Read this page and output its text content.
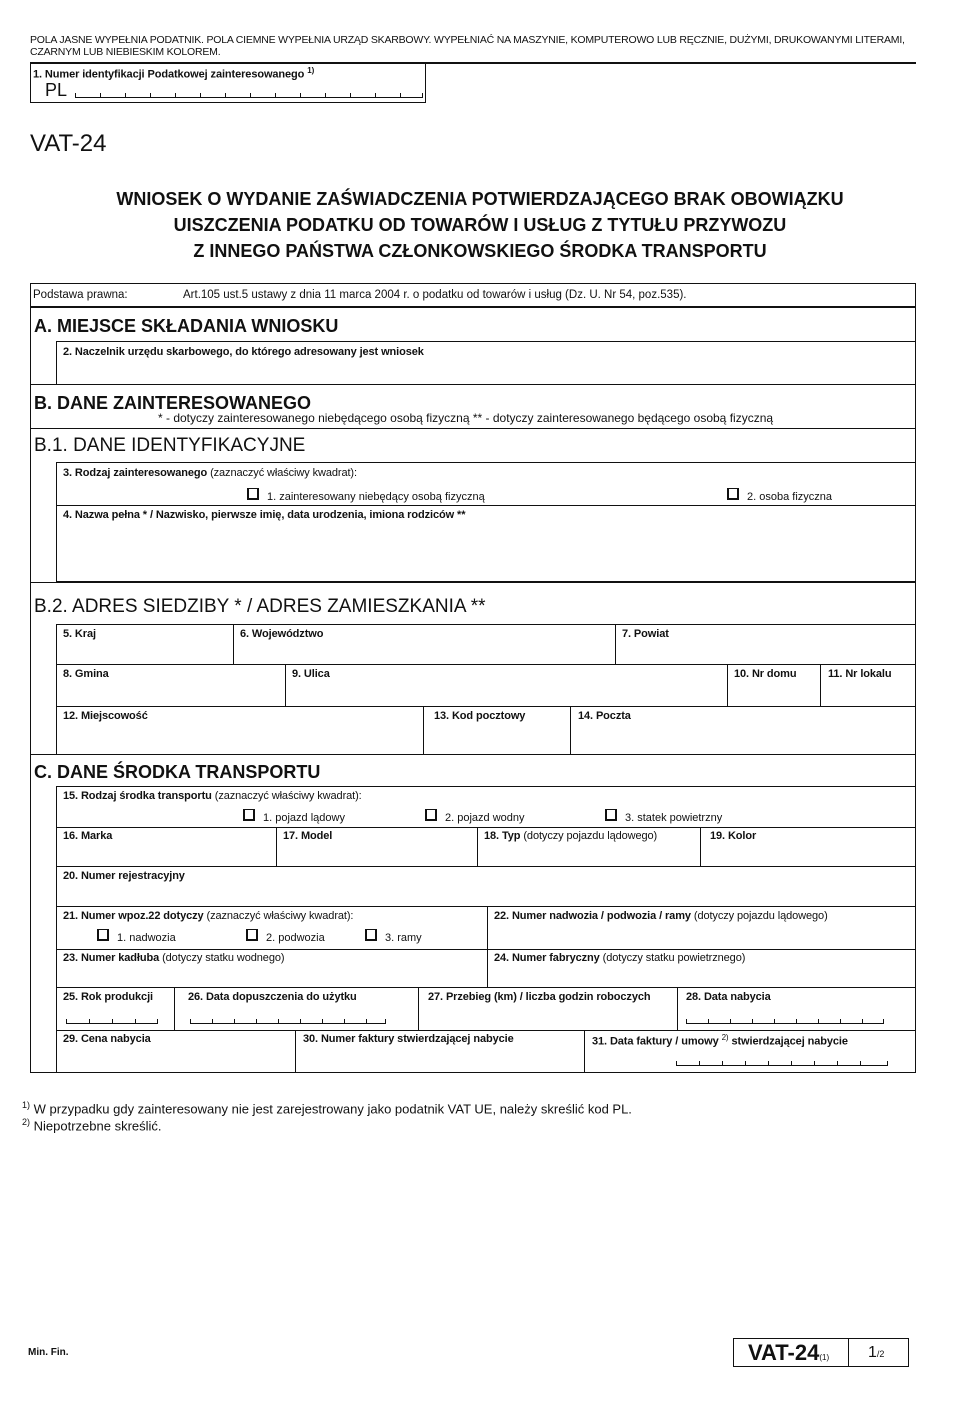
POLA JASNE WYPEŁNIA PODATNIK. POLA CIEMNE WYPEŁNIA URZĄD SKARBOWY. WYPEŁNIAĆ NA MASZYNIE, KOMPUTEROWO LUB RĘCZNIE, DUŻYMI, DRUKOWANYMI LITERAMI, CZARNYM LUB NIEBIESKIM KOLOREM.
1. Numer identyfikacji Podatkowej zainteresowanego $^{1)}$
PL
VAT-24
WNIOSEK O WYDANIE ZAŚWIADCZENIA POTWIERDZAJĄCEGO BRAK OBOWIĄZKU
UISZCZENIA PODATKU OD TOWARÓW I USŁUG Z TYTUŁU PRZYWOZU
Z INNEGO PAŃSTWA CZŁONKOWSKIEGO ŚRODKA TRANSPORTU
Podstawa prawna:	Art.105 ust.5 ustawy z dnia 11 marca 2004 r. o podatku od towarów i usług (Dz. U. Nr 54, poz.535).
A. MIEJSCE SKŁADANIA WNIOSKU
2. Naczelnik urzędu skarbowego, do którego adresowany jest wniosek
B. DANE ZAINTERESOWANEGO
* - dotyczy zainteresowanego niebędącego osobą fizyczną ** - dotyczy zainteresowanego będącego osobą fizyczną
B.1. DANE IDENTYFIKACYJNE
3. Rodzaj zainteresowanego (zaznaczyć właściwy kwadrat):
1. zainteresowany niebędący osobą fizyczną	2. osoba fizyczna
4. Nazwa pełna * / Nazwisko, pierwsze imię, data urodzenia, imiona rodziców **
B.2. ADRES SIEDZIBY * / ADRES ZAMIESZKANIA **
5. Kraj	6. Województwo	7. Powiat
8. Gmina	9. Ulica	10. Nr domu	11. Nr lokalu
12. Miejscowość	13. Kod pocztowy	14. Poczta
C. DANE ŚRODKA TRANSPORTU
15. Rodzaj środka transportu (zaznaczyć właściwy kwadrat):
1. pojazd lądowy	2. pojazd wodny	3. statek powietrzny
16. Marka	17. Model	18. Typ (dotyczy pojazdu lądowego)	19. Kolor
20. Numer rejestracyjny
21. Numer wpoz.22 dotyczy (zaznaczyć właściwy kwadrat):
1. nadwozia	2. podwozia	3. ramy
22. Numer nadwozia / podwozia / ramy (dotyczy pojazdu lądowego)
23. Numer kadłuba (dotyczy statku wodnego)	24. Numer fabryczny (dotyczy statku powietrznego)
25. Rok produkcji	26. Data dopuszczenia do użytku	27. Przebieg (km) / liczba godzin roboczych	28. Data nabycia
29. Cena nabycia	30. Numer faktury stwierdzającej nabycie	31. Data faktury / umowy $^{2)}$ stwierdzającej nabycie
$^{1)}$ W przypadku gdy zainteresowany nie jest zarejestrowany jako podatnik VAT UE, należy skreślić kod PL.
$^{2)}$ Niepotrzebne skreślić.
Min. Fin.	VAT-24(1) 1/2
